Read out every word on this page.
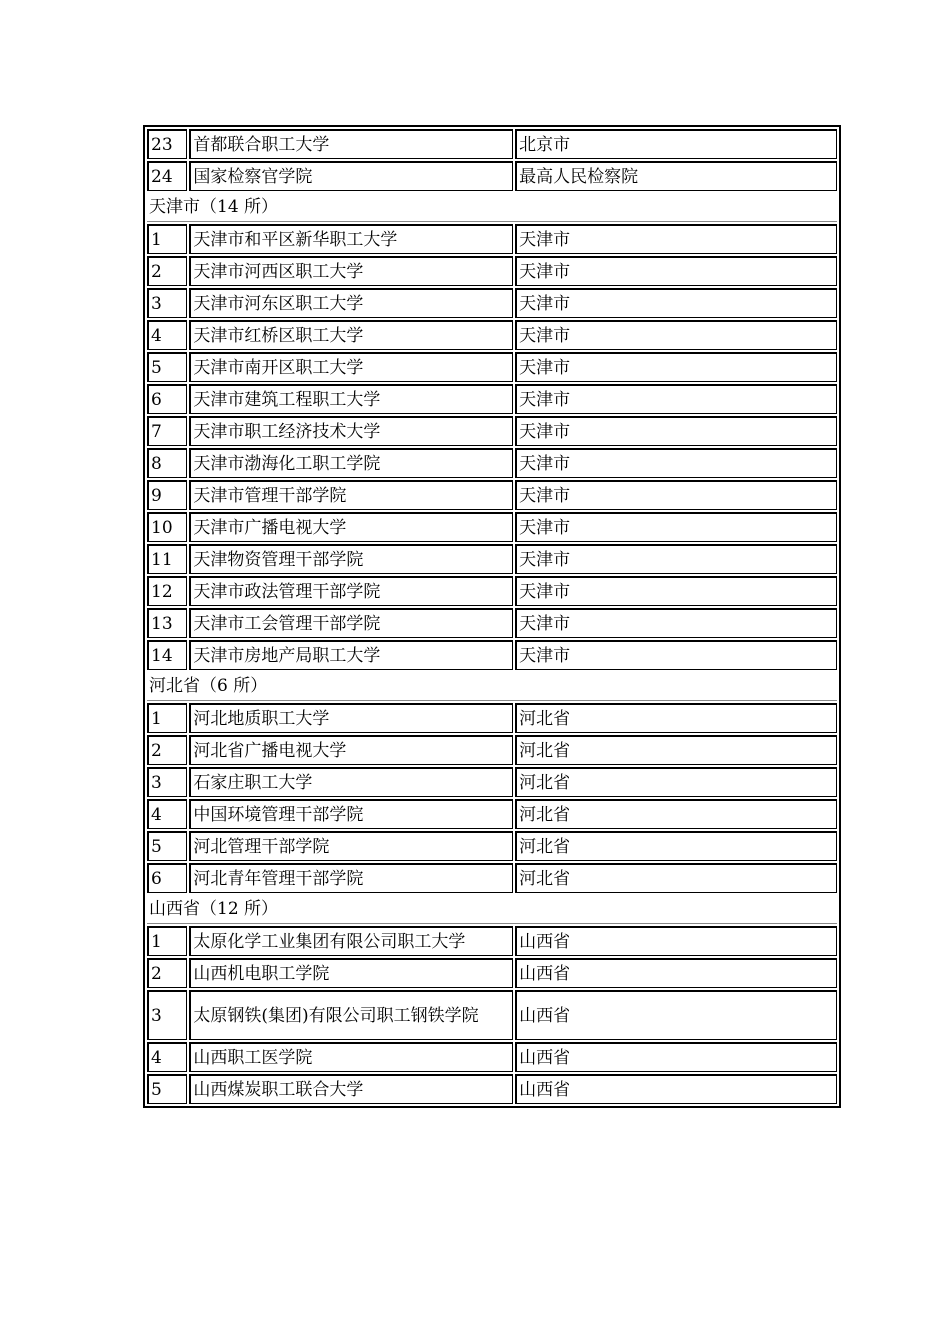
23	首都联合职工大学	北京市
24	国家检察官学院	最高人民检察院
天津市（14 所）		
1	天津市和平区新华职工大学	天津市
2	天津市河西区职工大学	天津市
3	天津市河东区职工大学	天津市
4	天津市红桥区职工大学	天津市
5	天津市南开区职工大学	天津市
6	天津市建筑工程职工大学	天津市
7	天津市职工经济技术大学	天津市
8	天津市渤海化工职工学院	天津市
9	天津市管理干部学院	天津市
10	天津市广播电视大学	天津市
11	天津物资管理干部学院	天津市
12	天津市政法管理干部学院	天津市
13	天津市工会管理干部学院	天津市
14	天津市房地产局职工大学	天津市
河北省（6 所）		
1	河北地质职工大学	河北省
2	河北省广播电视大学	河北省
3	石家庄职工大学	河北省
4	中国环境管理干部学院	河北省
5	河北管理干部学院	河北省
6	河北青年管理干部学院	河北省
山西省（12 所）		
1	太原化学工业集团有限公司职工大学	山西省
2	山西机电职工学院	山西省
3	太原钢铁(集团)有限公司职工钢铁学院	山西省
4	山西职工医学院	山西省
5	山西煤炭职工联合大学	山西省
